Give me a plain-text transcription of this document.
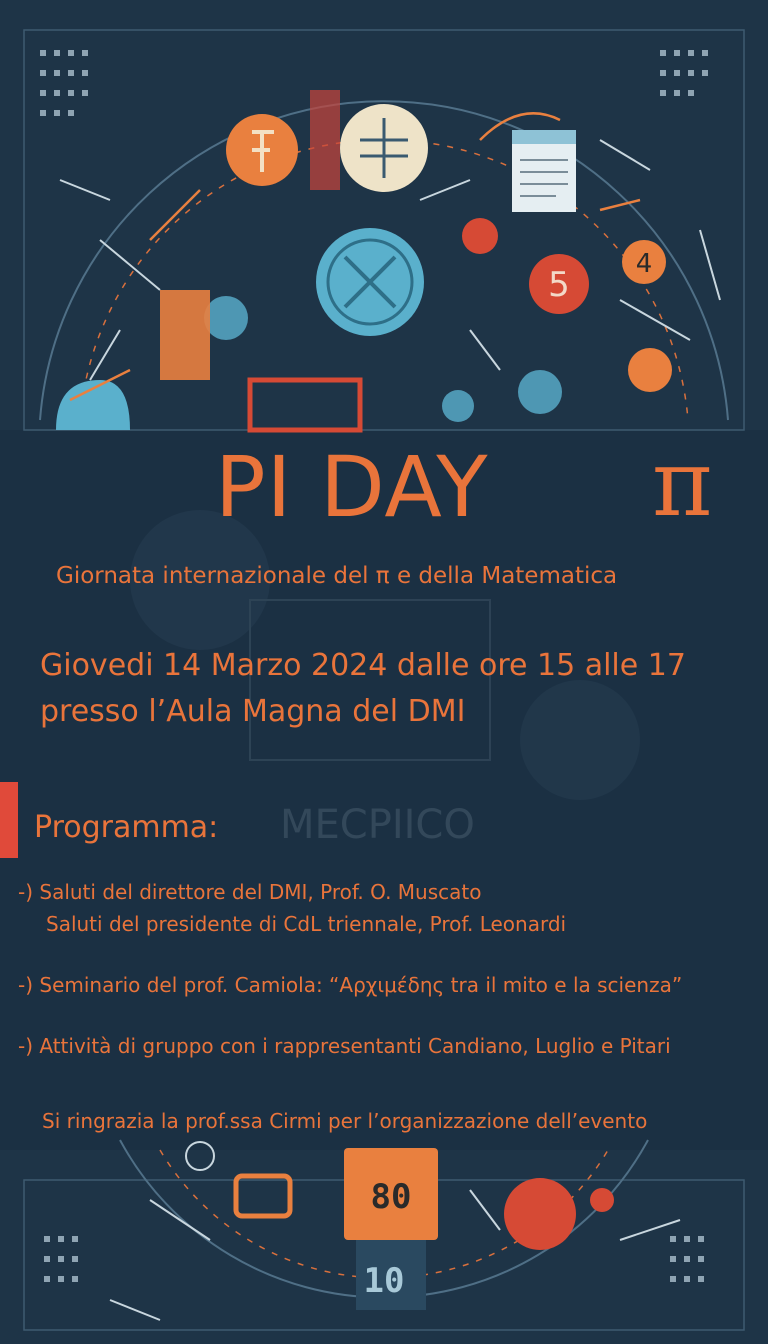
5
4
MECPIICO
80
10
PI DAY π
Giornata internazionale del π e della Matematica
Giovedi 14 Marzo 2024 dalle ore 15 alle 17
presso l’Aula Magna del DMI
Programma:
-) Saluti del direttore del DMI, Prof. O. Muscato
Saluti del presidente di CdL triennale, Prof. Leonardi
-) Seminario del prof. Camiola: “Αρχιμέδης tra il mito e la scienza”
-) Attività di gruppo con i rappresentanti Candiano, Luglio e Pitari
Si ringrazia la prof.ssa Cirmi per l’organizzazione dell’evento
